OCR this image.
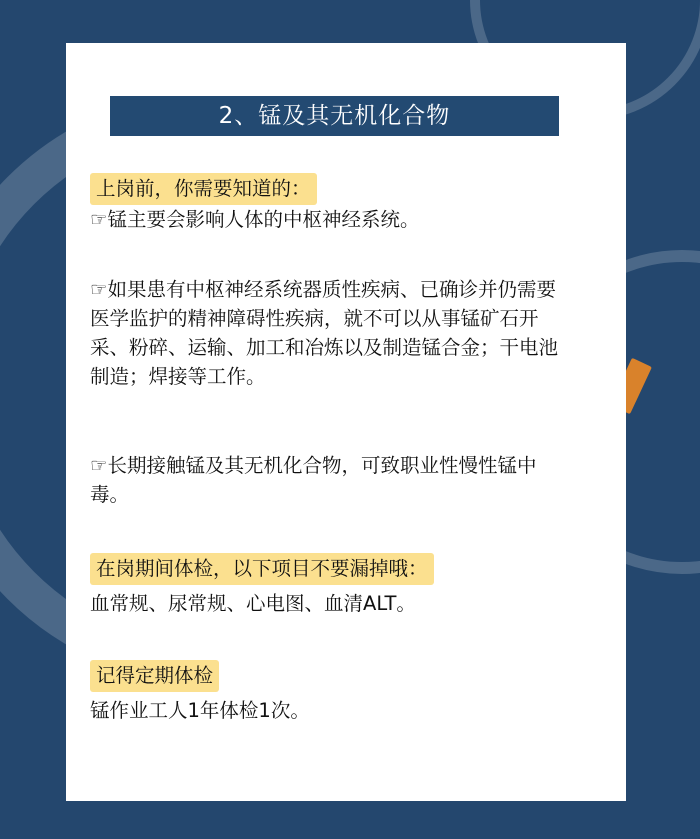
2、锰及其无机化合物
上岗前，你需要知道的：

☞锰主要会影响人体的中枢神经系统。

☞如果患有中枢神经系统器质性疾病、已确诊并仍需要
医学监护的精神障碍性疾病，就不可以从事锰矿石开
采、粉碎、运输、加工和冶炼以及制造锰合金；干电池
制造；焊接等工作。

☞长期接触锰及其无机化合物，可致职业性慢性锰中
毒。

在岗期间体检，以下项目不要漏掉哦：

血常规、尿常规、心电图、血清ALT。

记得定期体检

锰作业工人1年体检1次。
